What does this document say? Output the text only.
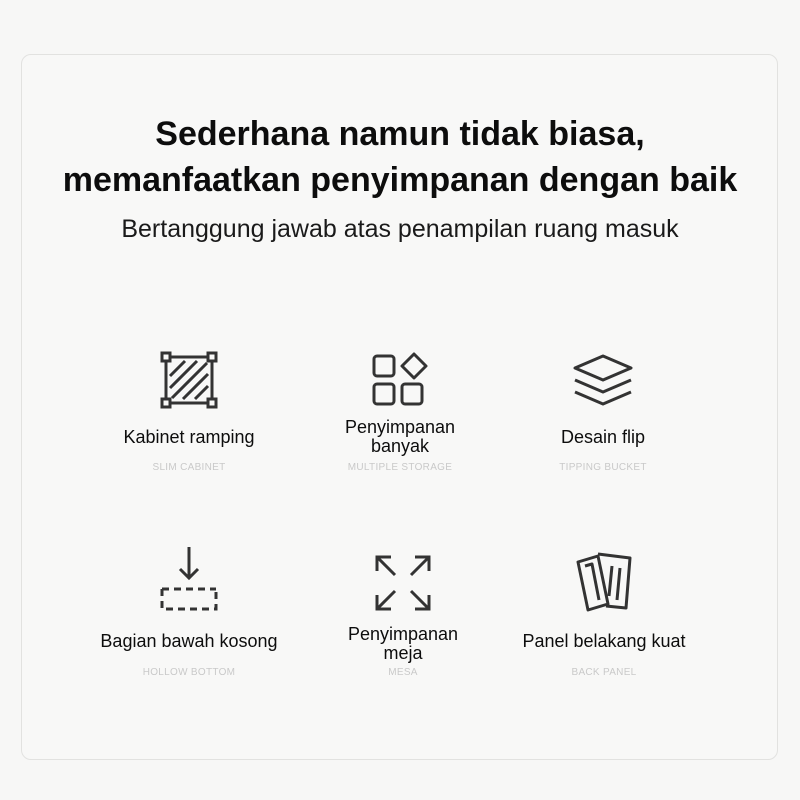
Sederhana namun tidak biasa,
memanfaatkan penyimpanan dengan baik
Bertanggung jawab atas penampilan ruang masuk
Kabinet ramping
SLIM CABINET
Penyimpanan
banyak
MULTIPLE STORAGE
Desain flip
TIPPING BUCKET
Bagian bawah kosong
HOLLOW BOTTOM
Penyimpanan
meja
MESA
Panel belakang kuat
BACK PANEL
